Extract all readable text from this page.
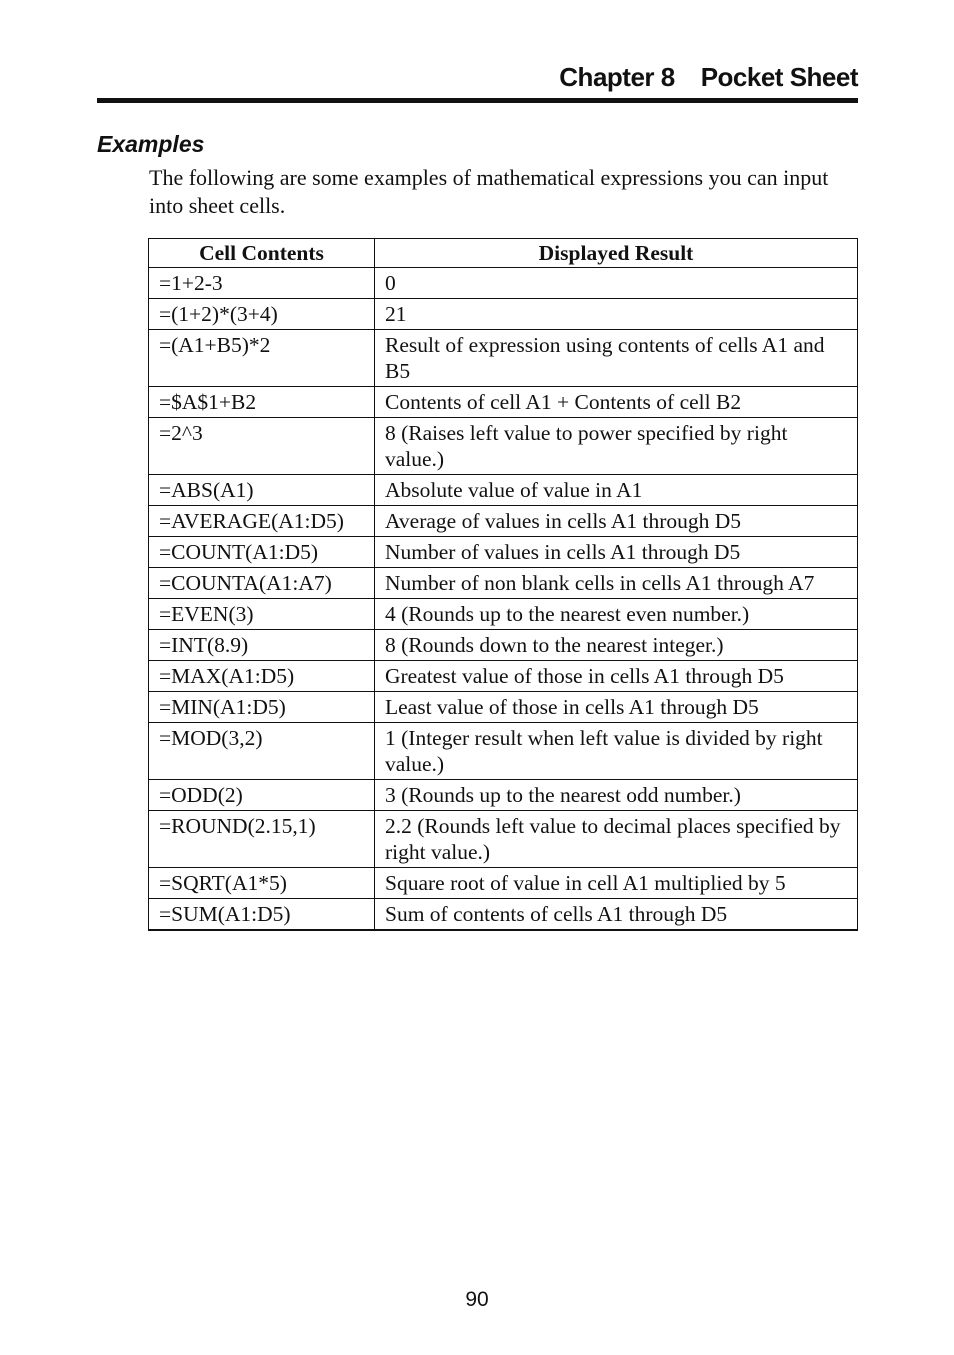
Chapter 8 Pocket Sheet
Examples
The following are some examples of mathematical expressions you can input into sheet cells.
Cell Contents	Displayed Result
=1+2-3	0
=(1+2)*(3+4)	21
=(A1+B5)*2	Result of expression using contents of cells A1 and B5
=$A$1+B2	Contents of cell A1 + Contents of cell B2
=2^3	8 (Raises left value to power specified by right value.)
=ABS(A1)	Absolute value of value in A1
=AVERAGE(A1:D5)	Average of values in cells A1 through D5
=COUNT(A1:D5)	Number of values in cells A1 through D5
=COUNTA(A1:A7)	Number of non blank cells in cells A1 through A7
=EVEN(3)	4 (Rounds up to the nearest even number.)
=INT(8.9)	8 (Rounds down to the nearest integer.)
=MAX(A1:D5)	Greatest value of those in cells A1 through D5
=MIN(A1:D5)	Least value of those in cells A1 through D5
=MOD(3,2)	1 (Integer result when left value is divided by right value.)
=ODD(2)	3 (Rounds up to the nearest odd number.)
=ROUND(2.15,1)	2.2 (Rounds left value to decimal places specified by right value.)
=SQRT(A1*5)	Square root of value in cell A1 multiplied by 5
=SUM(A1:D5)	Sum of contents of cells A1 through D5
90
